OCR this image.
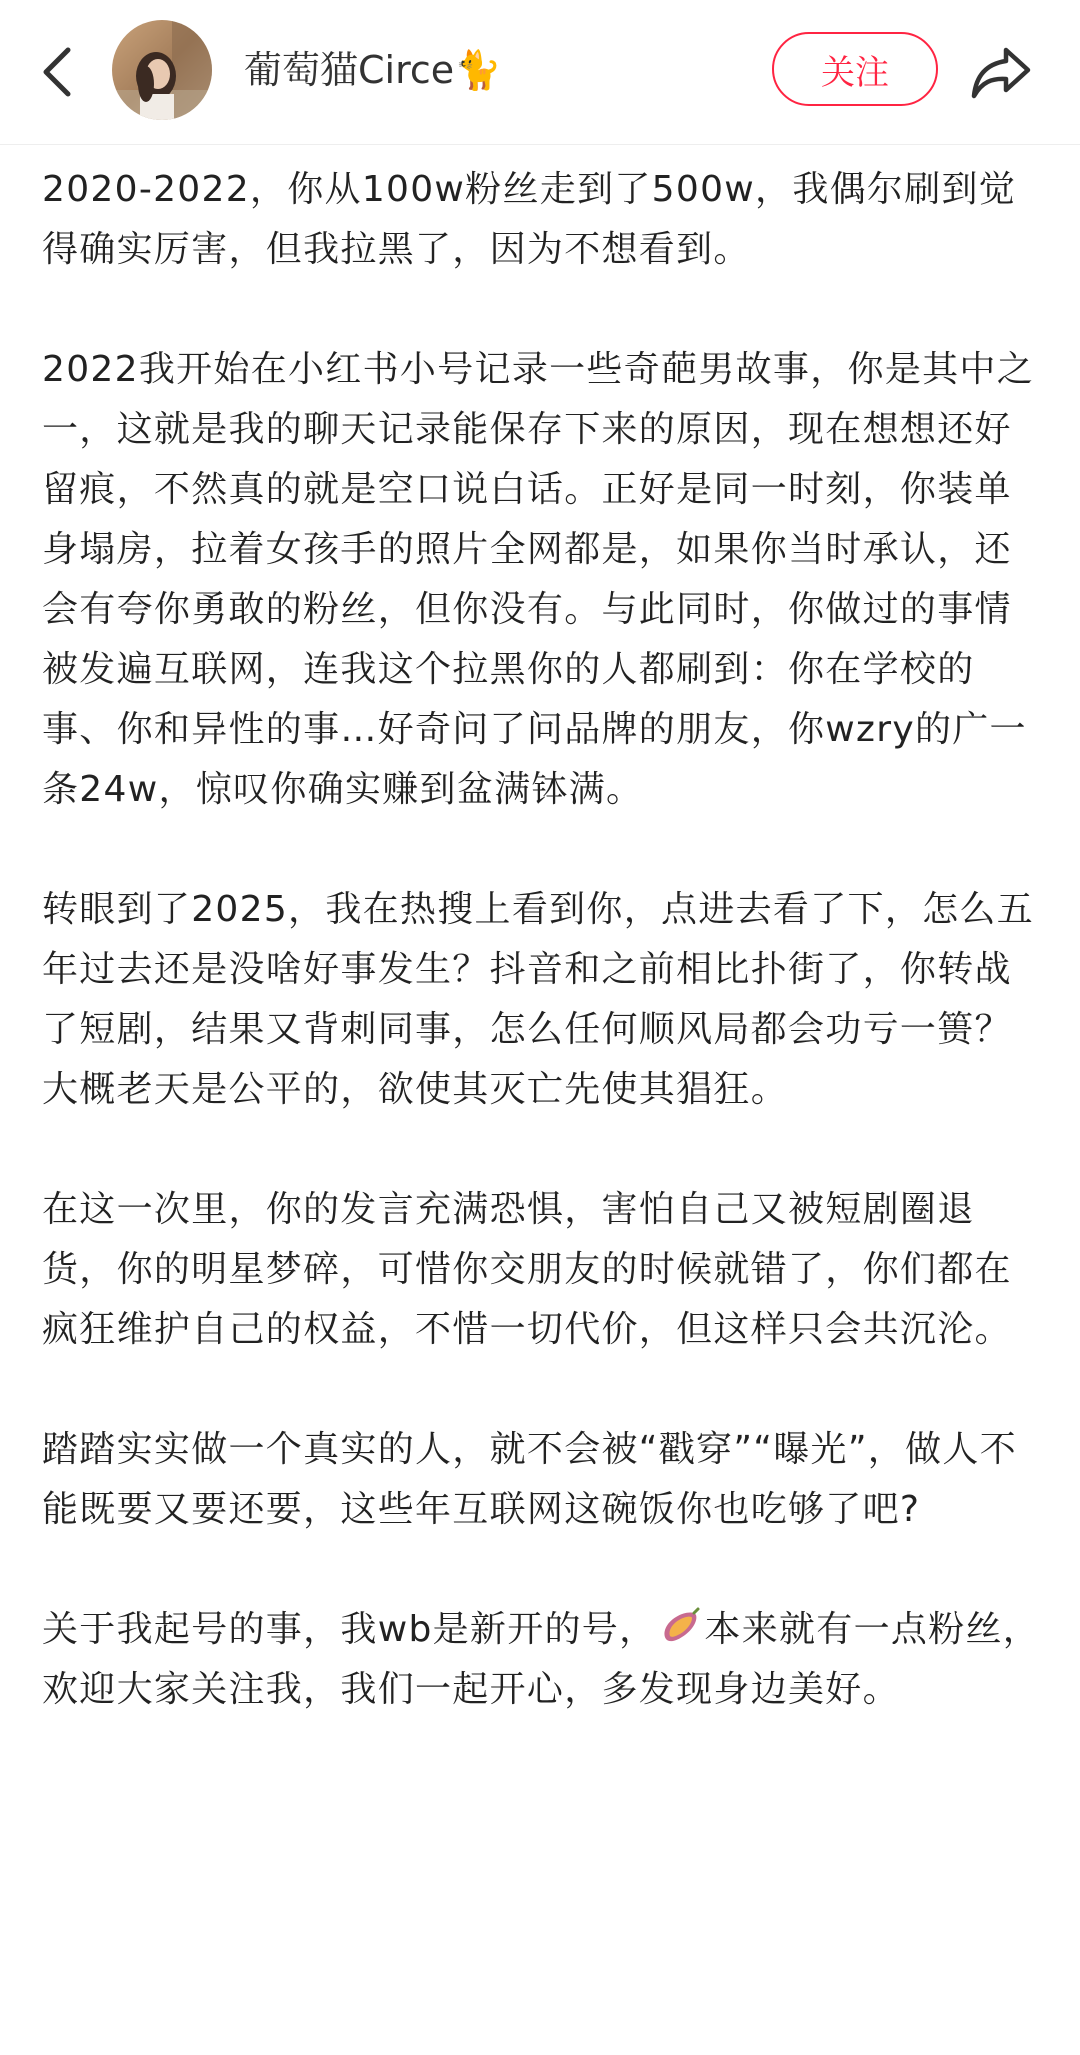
葡萄猫Circe🐈	关注

2020-2022，你从100w粉丝走到了500w，我偶尔刷到觉得确实厉害，但我拉黑了，因为不想看到。

2022我开始在小红书小号记录一些奇葩男故事，你是其中之一，这就是我的聊天记录能保存下来的原因，现在想想还好留痕，不然真的就是空口说白话。正好是同一时刻，你装单身塌房，拉着女孩手的照片全网都是，如果你当时承认，还会有夸你勇敢的粉丝，但你没有。与此同时，你做过的事情被发遍互联网，连我这个拉黑你的人都刷到：你在学校的事、你和异性的事…好奇问了问品牌的朋友，你wzry的广一条24w，惊叹你确实赚到盆满钵满。

转眼到了2025，我在热搜上看到你，点进去看了下，怎么五年过去还是没啥好事发生？抖音和之前相比扑街了，你转战了短剧，结果又背刺同事，怎么任何顺风局都会功亏一篑？大概老天是公平的，欲使其灭亡先使其猖狂。

在这一次里，你的发言充满恐惧，害怕自己又被短剧圈退货，你的明星梦碎，可惜你交朋友的时候就错了，你们都在疯狂维护自己的权益，不惜一切代价，但这样只会共沉沦。

踏踏实实做一个真实的人，就不会被“戳穿”“曝光”，做人不能既要又要还要，这些年互联网这碗饭你也吃够了吧?

关于我起号的事，我wb是新开的号， 本来就有一点粉丝，欢迎大家关注我，我们一起开心，多发现身边美好。
